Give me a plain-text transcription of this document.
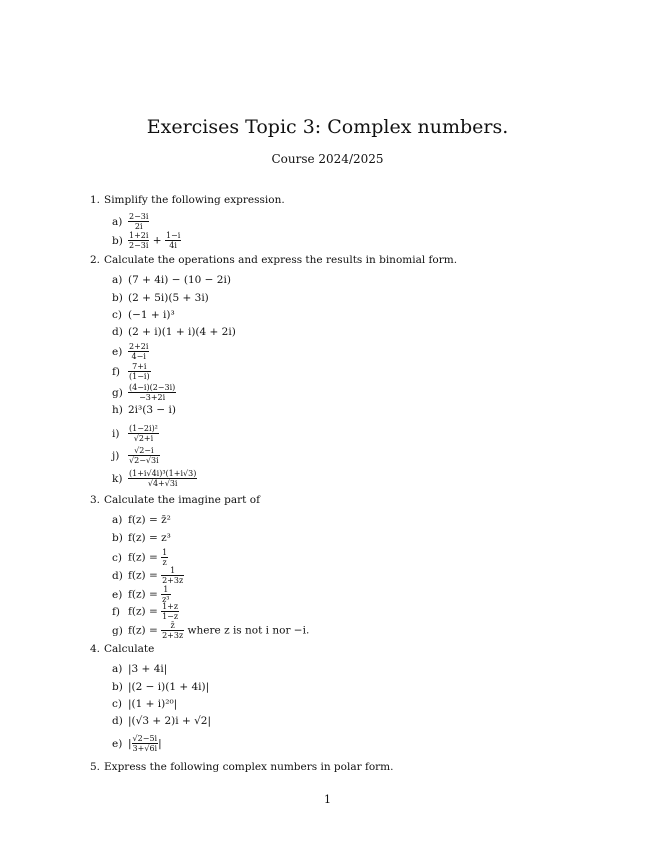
Exercises Topic 3: Complex numbers.
Course 2024/2025
1. Simplify the following expression.
$a) \frac{2-3i}{2i}$
$b) \frac{1+2i}{2-3i} + \frac{1-i}{4i}$
2. Calculate the operations and express the results in binomial form.
a) (7 + 4i) − (10 − 2i)
b) (2 + 5i)(5 + 3i)
c) (−1 + i)³
d) (2 + i)(1 + i)(4 + 2i)
$e) \frac{2+2i}{4-i}$
$f) \frac{7+i}{(1-i)}$
$g) \frac{(4-i)(2-3i)}{-3+2i}$
h) 2i³(3 − i)
$i) \frac{\text{(1−2i)²}}{√2+i}$
$j) \frac{√2-i}{√2-√3i}$
$k) \frac{\text{(1+i√4i)³(1+i√3)}}{√4+√3i}$
3. Calculate the imagine part of
a) f(z) = z̄²
b) f(z) = z³
c) $f(z) = \frac{1}{z}$
d) $f(z) = \frac{1}{2+3z}$
e) $f(z) = \frac{1}{\text{z³}}$
f) $f(z) = \frac{1+z}{1-z}$
g) $f(z) = \frac{z̄}{2+3z}$ where z is not i nor −i.
4. Calculate
a) |3 + 4i|
b) |(2 − i)(1 + 4i)|
c) |(1 + i)²⁰|
d) |(√3 + 2)i + √2|
e) | $\frac{√2-5i}{3+√6i}$ |
5. Express the following complex numbers in polar form.
1
